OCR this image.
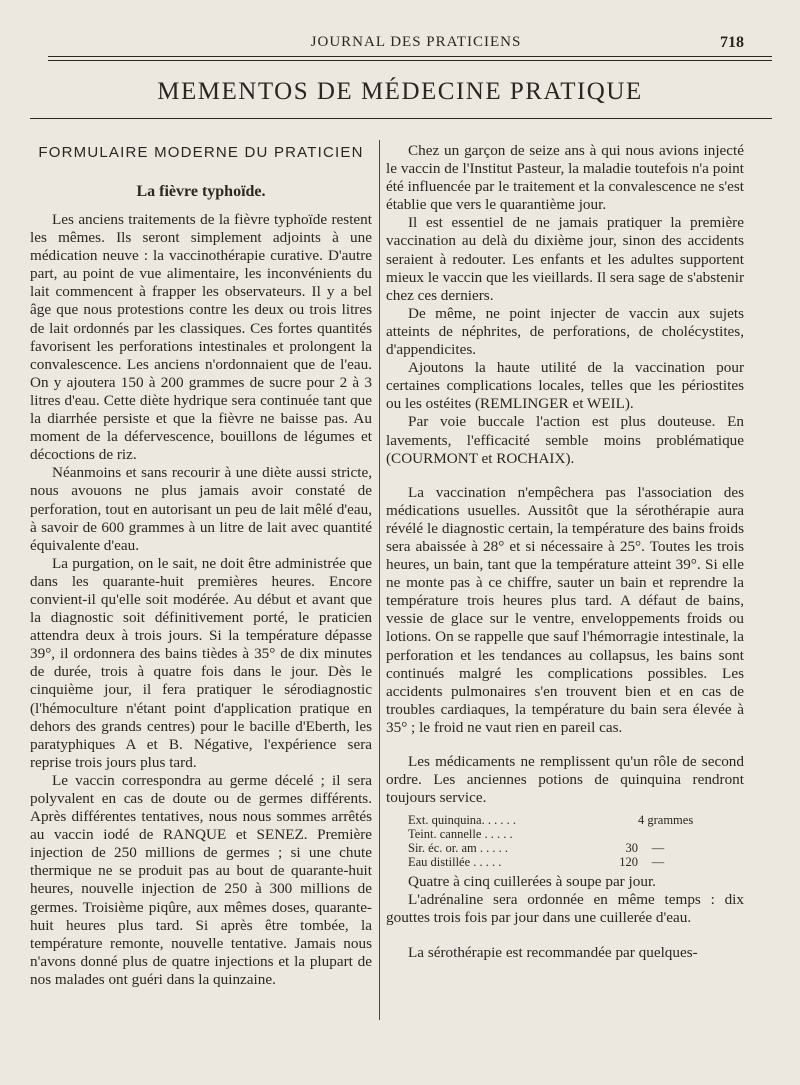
JOURNAL DES PRATICIENS	718
MEMENTOS DE MÉDECINE PRATIQUE
FORMULAIRE MODERNE DU PRATICIEN
La fièvre typhoïde.

Les anciens traitements de la fièvre typhoïde restent les mêmes. Ils seront simplement adjoints à une médication neuve : la vaccinothérapie curative. D'autre part, au point de vue alimentaire, les inconvénients du lait commencent à frapper les observateurs. Il y a bel âge que nous protestions contre les deux ou trois litres de lait ordonnés par les classiques. Ces fortes quantités favorisent les perforations intestinales et prolongent la convalescence. Les anciens n'ordonnaient que de l'eau. On y ajoutera 150 à 200 grammes de sucre pour 2 à 3 litres d'eau. Cette diète hydrique sera continuée tant que la diarrhée persiste et que la fièvre ne baisse pas. Au moment de la défervescence, bouillons de légumes et décoctions de riz.

Néanmoins et sans recourir à une diète aussi stricte, nous avouons ne plus jamais avoir constaté de perforation, tout en autorisant un peu de lait mêlé d'eau, à savoir de 600 grammes à un litre de lait avec quantité équivalente d'eau.

La purgation, on le sait, ne doit être administrée que dans les quarante-huit premières heures. Encore convient-il qu'elle soit modérée. Au début et avant que la diagnostic soit définitivement porté, le praticien attendra deux à trois jours. Si la température dépasse 39°, il ordonnera des bains tièdes à 35° de dix minutes de durée, trois à quatre fois dans le jour. Dès le cinquième jour, il fera pratiquer le sérodiagnostic (l'hémoculture n'étant point d'application pratique en dehors des grands centres) pour le bacille d'Eberth, les paratyphiques A et B. Négative, l'expérience sera reprise trois jours plus tard.

Le vaccin correspondra au germe décelé ; il sera polyvalent en cas de doute ou de germes différents. Après différentes tentatives, nous nous sommes arrêtés au vaccin iodé de RANQUE et SENEZ. Première injection de 250 millions de germes ; si une chute thermique ne se produit pas au bout de quarante-huit heures, nouvelle injection de 250 à 300 millions de germes. Troisième piqûre, aux mêmes doses, quarante-huit heures plus tard. Si après être tombée, la température remonte, nouvelle tentative. Jamais nous n'avons donné plus de quatre injections et la plupart de nos malades ont guéri dans la quinzaine.

Chez un garçon de seize ans à qui nous avions injecté le vaccin de l'Institut Pasteur, la maladie toutefois n'a point été influencée par le traitement et la convalescence ne s'est établie que vers le quarantième jour.

Il est essentiel de ne jamais pratiquer la première vaccination au delà du dixième jour, sinon des accidents seraient à redouter. Les enfants et les adultes supportent mieux le vaccin que les vieillards. Il sera sage de s'abstenir chez ces derniers.

De même, ne point injecter de vaccin aux sujets atteints de néphrites, de perforations, de cholécystites, d'appendicites.

Ajoutons la haute utilité de la vaccination pour certaines complications locales, telles que les périostites ou les ostéites (REMLINGER et WEIL).

Par voie buccale l'action est plus douteuse. En lavements, l'efficacité semble moins problématique (COURMONT et ROCHAIX).

La vaccination n'empêchera pas l'association des médications usuelles. Aussitôt que la sérothérapie aura révélé le diagnostic certain, la température des bains froids sera abaissée à 28° et si nécessaire à 25°. Toutes les trois heures, un bain, tant que la température atteint 39°. Si elle ne monte pas à ce chiffre, sauter un bain et reprendre la température trois heures plus tard. A défaut de bains, vessie de glace sur le ventre, enveloppements froids ou lotions. On se rappelle que sauf l'hémorragie intestinale, la perforation et les tendances au collapsus, les bains sont continués malgré les complications possibles. Les accidents pulmonaires s'en trouvent bien et en cas de troubles cardiaques, la température du bain sera élevée à 35° ; le froid ne vaut rien en pareil cas.

Les médicaments ne remplissent qu'un rôle de second ordre. Les anciennes potions de quinquina rendront toujours service.

Ext. quinquina. . . . . .	4 grammes
Teint. cannelle . . . . .
Sir. éc. or. am . . . . .	30	—
Eau distillée . . . . .	120	—

Quatre à cinq cuillerées à soupe par jour.

L'adrénaline sera ordonnée en même temps : dix gouttes trois fois par jour dans une cuillerée d'eau.

La sérothérapie est recommandée par quelques-
